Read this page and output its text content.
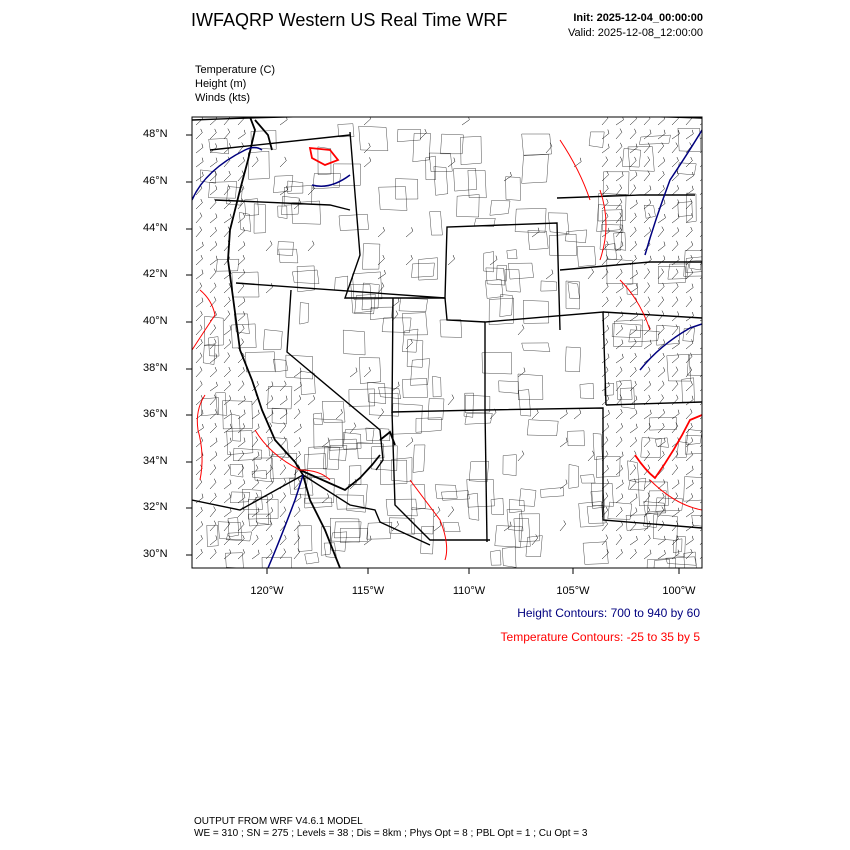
IWFAQRP Western US Real Time WRF	Init: 2025-12-04_00:00:00
Valid: 2025-12-08_12:00:00
Temperature (C)
Height (m)
Winds (kts)
48°N
46°N
44°N
42°N
40°N
38°N
36°N
34°N
32°N
30°N
120°W	115°W	110°W	105°W	100°W
Height Contours: 700 to 940 by 60
Temperature Contours: -25 to 35 by 5
OUTPUT FROM WRF V4.6.1 MODEL
WE = 310 ; SN = 275 ; Levels = 38 ; Dis = 8km ; Phys Opt = 8 ; PBL Opt = 1 ; Cu Opt = 3
